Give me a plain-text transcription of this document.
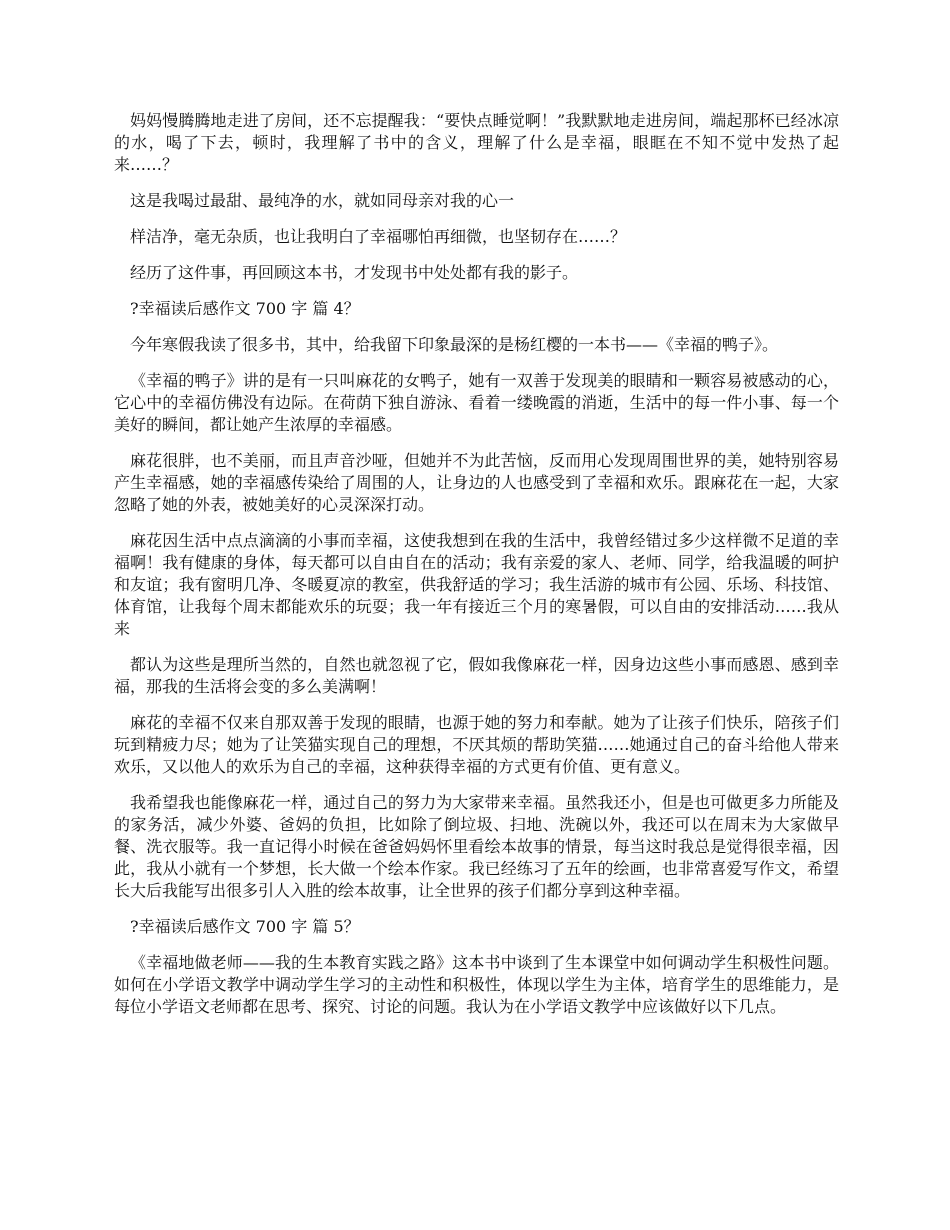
妈妈慢腾腾地走进了房间，还不忘提醒我：“要快点睡觉啊！”我默默地走进房间，端起那杯已经冰凉的水，喝了下去，顿时，我理解了书中的含义，理解了什么是幸福，眼眶在不知不觉中发热了起来……？

这是我喝过最甜、最纯净的水，就如同母亲对我的心一

样洁净，毫无杂质，也让我明白了幸福哪怕再细微，也坚韧存在……？

经历了这件事，再回顾这本书，才发现书中处处都有我的影子。

?幸福读后感作文 700 字 篇 4？

今年寒假我读了很多书，其中，给我留下印象最深的是杨红樱的一本书——《幸福的鸭子》。

《幸福的鸭子》讲的是有一只叫麻花的女鸭子，她有一双善于发现美的眼睛和一颗容易被感动的心，它心中的幸福仿佛没有边际。在荷荫下独自游泳、看着一缕晚霞的消逝，生活中的每一件小事、每一个美好的瞬间，都让她产生浓厚的幸福感。

麻花很胖，也不美丽，而且声音沙哑，但她并不为此苦恼，反而用心发现周围世界的美，她特别容易产生幸福感，她的幸福感传染给了周围的人，让身边的人也感受到了幸福和欢乐。跟麻花在一起，大家忽略了她的外表，被她美好的心灵深深打动。

麻花因生活中点点滴滴的小事而幸福，这使我想到在我的生活中，我曾经错过多少这样微不足道的幸福啊！我有健康的身体，每天都可以自由自在的活动；我有亲爱的家人、老师、同学，给我温暖的呵护和友谊；我有窗明几净、冬暖夏凉的教室，供我舒适的学习；我生活游的城市有公园、乐场、科技馆、体育馆，让我每个周末都能欢乐的玩耍；我一年有接近三个月的寒暑假，可以自由的安排活动……我从来

都认为这些是理所当然的，自然也就忽视了它，假如我像麻花一样，因身边这些小事而感恩、感到幸福，那我的生活将会变的多么美满啊！

麻花的幸福不仅来自那双善于发现的眼睛，也源于她的努力和奉献。她为了让孩子们快乐，陪孩子们玩到精疲力尽；她为了让笑猫实现自己的理想，不厌其烦的帮助笑猫……她通过自己的奋斗给他人带来欢乐，又以他人的欢乐为自己的幸福，这种获得幸福的方式更有价值、更有意义。

我希望我也能像麻花一样，通过自己的努力为大家带来幸福。虽然我还小，但是也可做更多力所能及的家务活，减少外婆、爸妈的负担，比如除了倒垃圾、扫地、洗碗以外，我还可以在周末为大家做早餐、洗衣服等。我一直记得小时候在爸爸妈妈怀里看绘本故事的情景，每当这时我总是觉得很幸福，因此，我从小就有一个梦想，长大做一个绘本作家。我已经练习了五年的绘画，也非常喜爱写作文，希望长大后我能写出很多引人入胜的绘本故事，让全世界的孩子们都分享到这种幸福。

?幸福读后感作文 700 字 篇 5？

《幸福地做老师——我的生本教育实践之路》这本书中谈到了生本课堂中如何调动学生积极性问题。如何在小学语文教学中调动学生学习的主动性和积极性，体现以学生为主体，培育学生的思维能力，是每位小学语文老师都在思考、探究、讨论的问题。我认为在小学语文教学中应该做好以下几点。
